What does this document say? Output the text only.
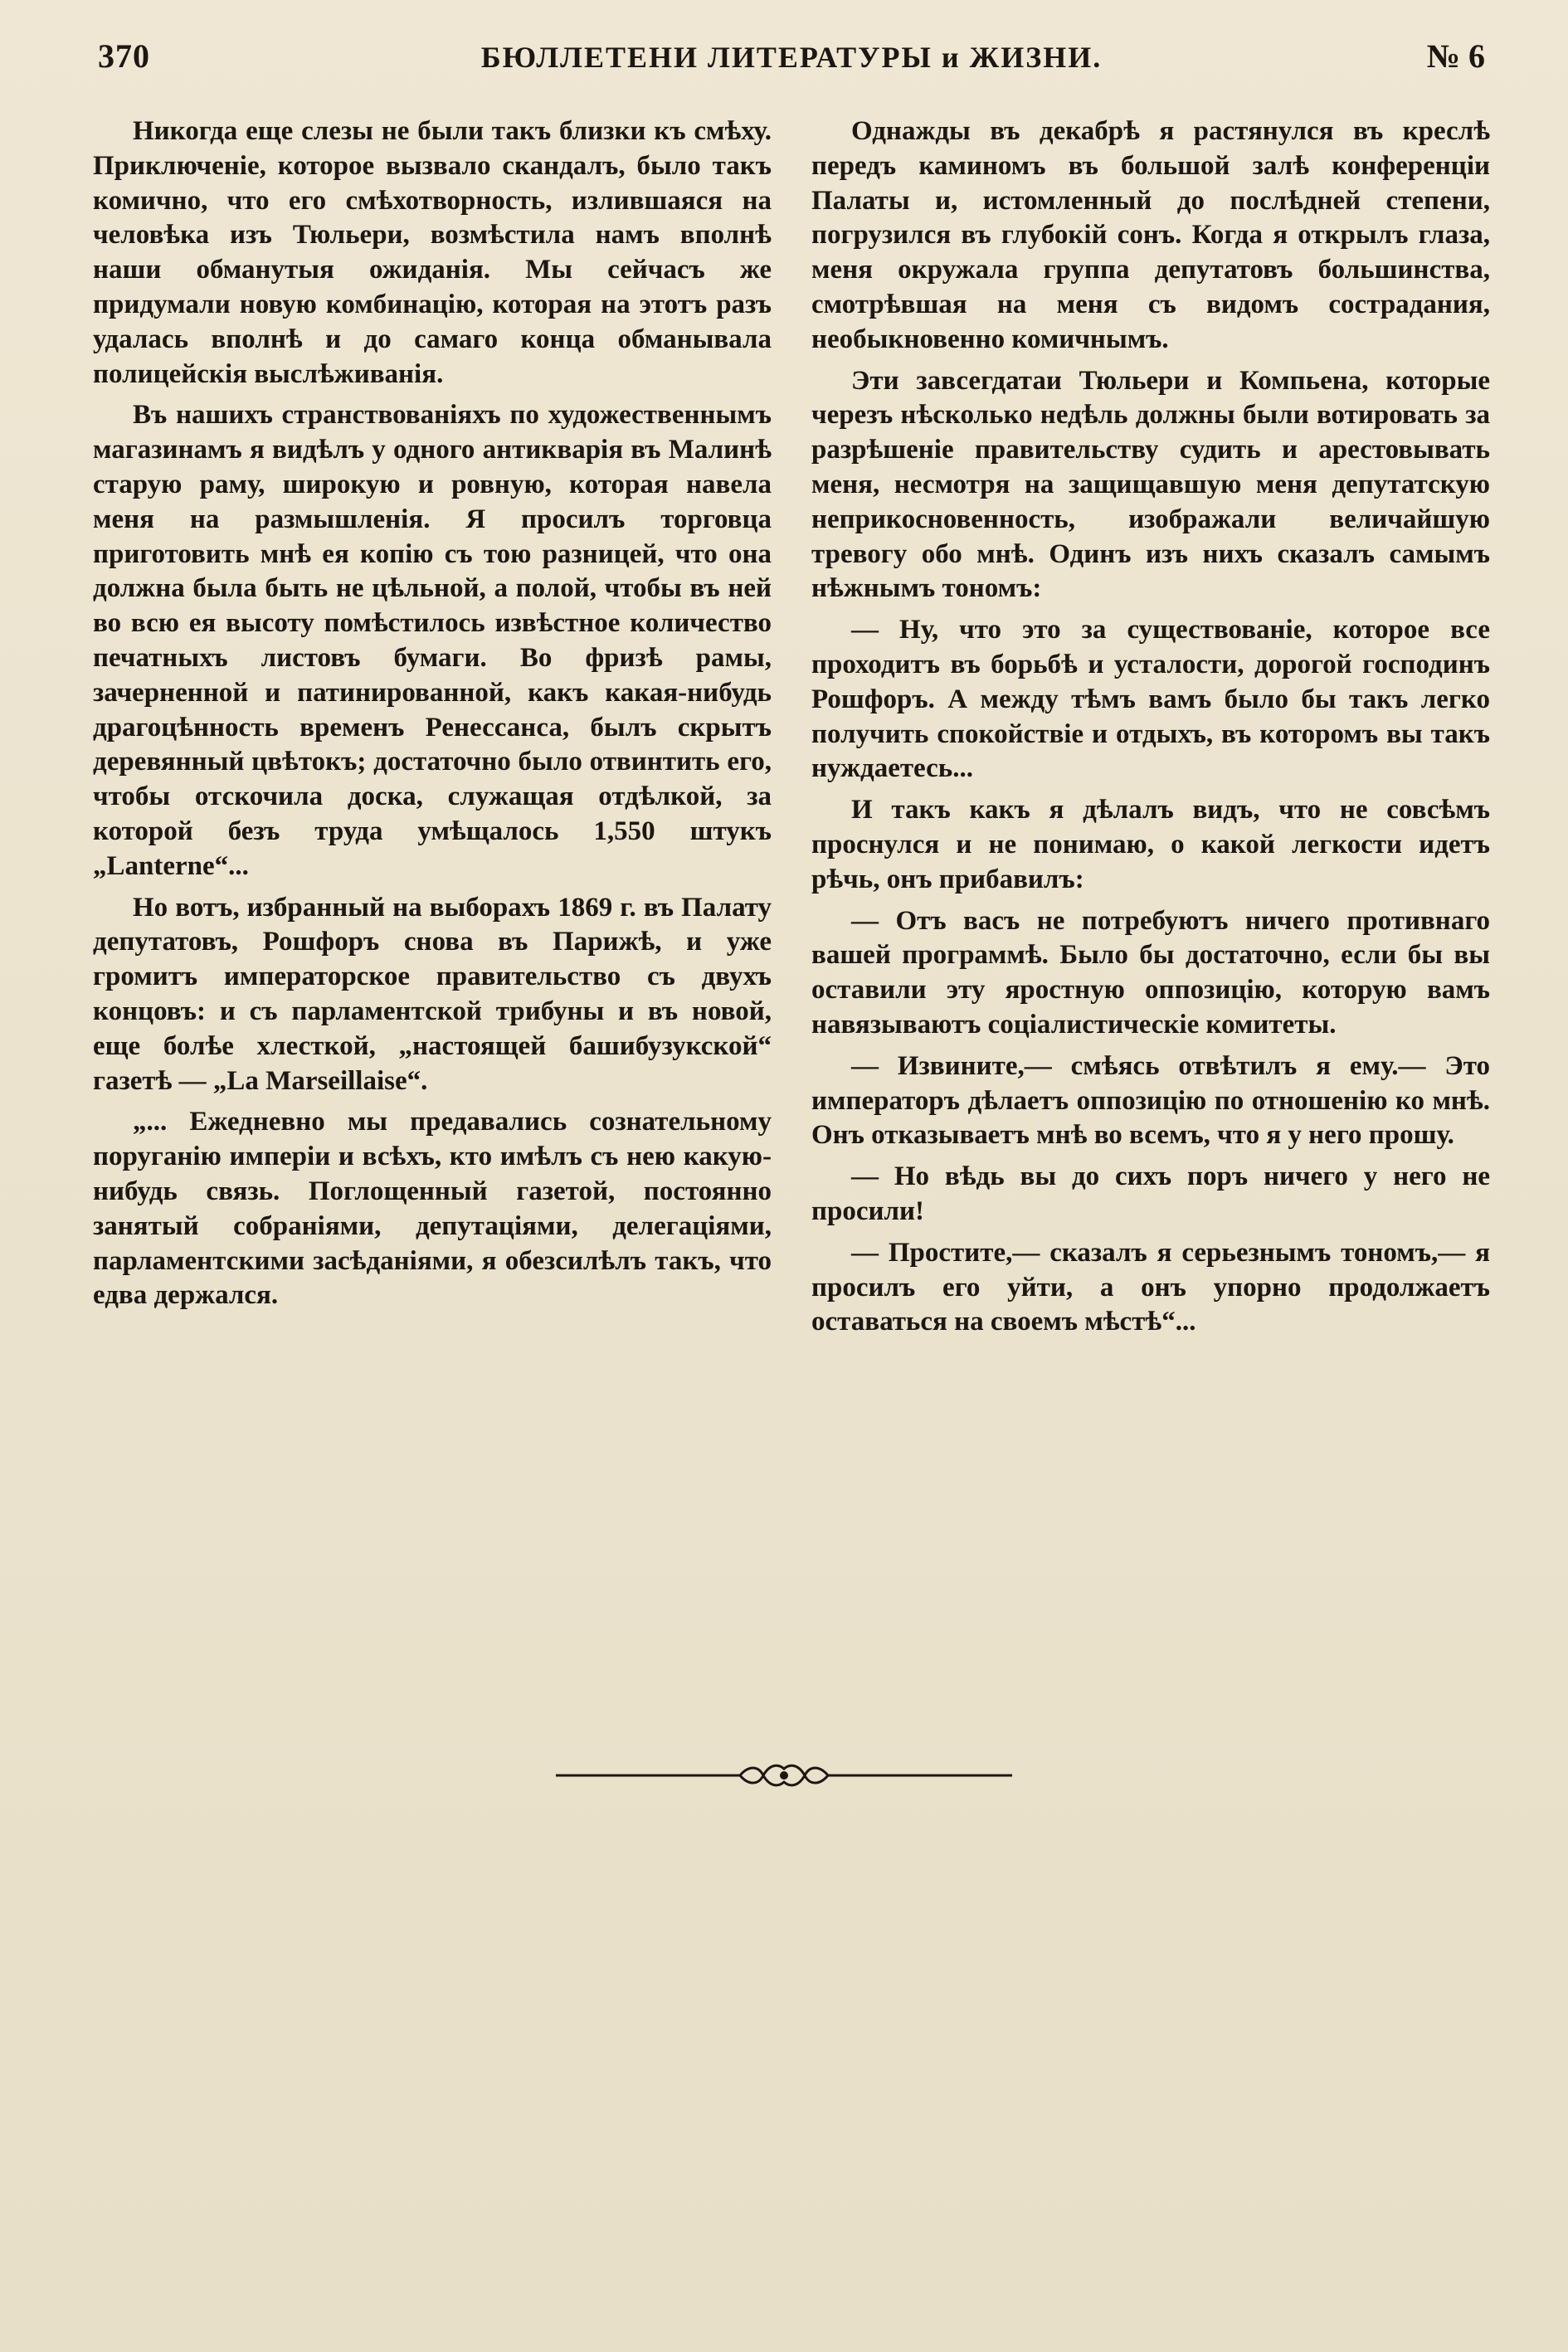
370	БЮЛЛЕТЕНИ ЛИТЕРАТУРЫ и ЖИЗНИ.	№ 6

Никогда еще слезы не были такъ близки къ смѣху. Приключеніе, которое вызвало скандалъ, было такъ комично, что его смѣхотворность, излившаяся на человѣка изъ Тюльери, возмѣстила намъ вполнѣ наши обманутыя ожиданія. Мы сейчасъ же придумали новую комбинацію, которая на этотъ разъ удалась вполнѣ и до самаго конца обманывала полицейскія выслѣживанія.

Въ нашихъ странствованіяхъ по художественнымъ магазинамъ я видѣлъ у одного антикварія въ Малинѣ старую раму, широкую и ровную, которая навела меня на размышленія. Я просилъ торговца приготовить мнѣ ея копію съ тою разницей, что она должна была быть не цѣльной, а полой, чтобы въ ней во всю ея высоту помѣстилось извѣстное количество печатныхъ листовъ бумаги. Во фризѣ рамы, зачерненной и патинированной, какъ какая-нибудь драгоцѣнность временъ Ренессанса, былъ скрытъ деревянный цвѣтокъ; достаточно было отвинтить его, чтобы отскочила доска, служащая отдѣлкой, за которой безъ труда умѣщалось 1,550 штукъ „Lanterne“...

Но вотъ, избранный на выборахъ 1869 г. въ Палату депутатовъ, Рошфоръ снова въ Парижѣ, и уже громитъ императорское правительство съ двухъ концовъ: и съ парламентской трибуны и въ новой, еще болѣе хлесткой, „настоящей башибузукской“ газетѣ — „La Marseillaise“.

„... Ежедневно мы предавались сознательному поруганію имперіи и всѣхъ, кто имѣлъ съ нею какую-нибудь связь. Поглощенный газетой, постоянно занятый собраніями, депутаціями, делегаціями, парламентскими засѣданіями, я обезсилѣлъ такъ, что едва держался.

Однажды въ декабрѣ я растянулся въ креслѣ передъ каминомъ въ большой залѣ конференціи Палаты и, истомленный до послѣдней степени, погрузился въ глубокій сонъ. Когда я открылъ глаза, меня окружала группа депутатовъ большинства, смотрѣвшая на меня съ видомъ сострадания, необыкновенно комичнымъ.

Эти завсегдатаи Тюльери и Компьена, которые черезъ нѣсколько недѣль должны были вотировать за разрѣшеніе правительству судить и арестовывать меня, несмотря на защищавшую меня депутатскую неприкосновенность, изображали величайшую тревогу обо мнѣ. Одинъ изъ нихъ сказалъ самымъ нѣжнымъ тономъ:

— Ну, что это за существованіе, которое все проходитъ въ борьбѣ и усталости, дорогой господинъ Рошфоръ. А между тѣмъ вамъ было бы такъ легко получить спокойствіе и отдыхъ, въ которомъ вы такъ нуждаетесь...

И такъ какъ я дѣлалъ видъ, что не совсѣмъ проснулся и не понимаю, о какой легкости идетъ рѣчь, онъ прибавилъ:

— Отъ васъ не потребуютъ ничего противнаго вашей программѣ. Было бы достаточно, если бы вы оставили эту яростную оппозицію, которую вамъ навязываютъ соціалистическіе комитеты.

— Извините,— смѣясь отвѣтилъ я ему.— Это императоръ дѣлаетъ оппозицію по отношенію ко мнѣ. Онъ отказываетъ мнѣ во всемъ, что я у него прошу.

— Но вѣдь вы до сихъ поръ ничего у него не просили!

— Простите,— сказалъ я серьезнымъ тономъ,— я просилъ его уйти, а онъ упорно продолжаетъ оставаться на своемъ мѣстѣ“...
